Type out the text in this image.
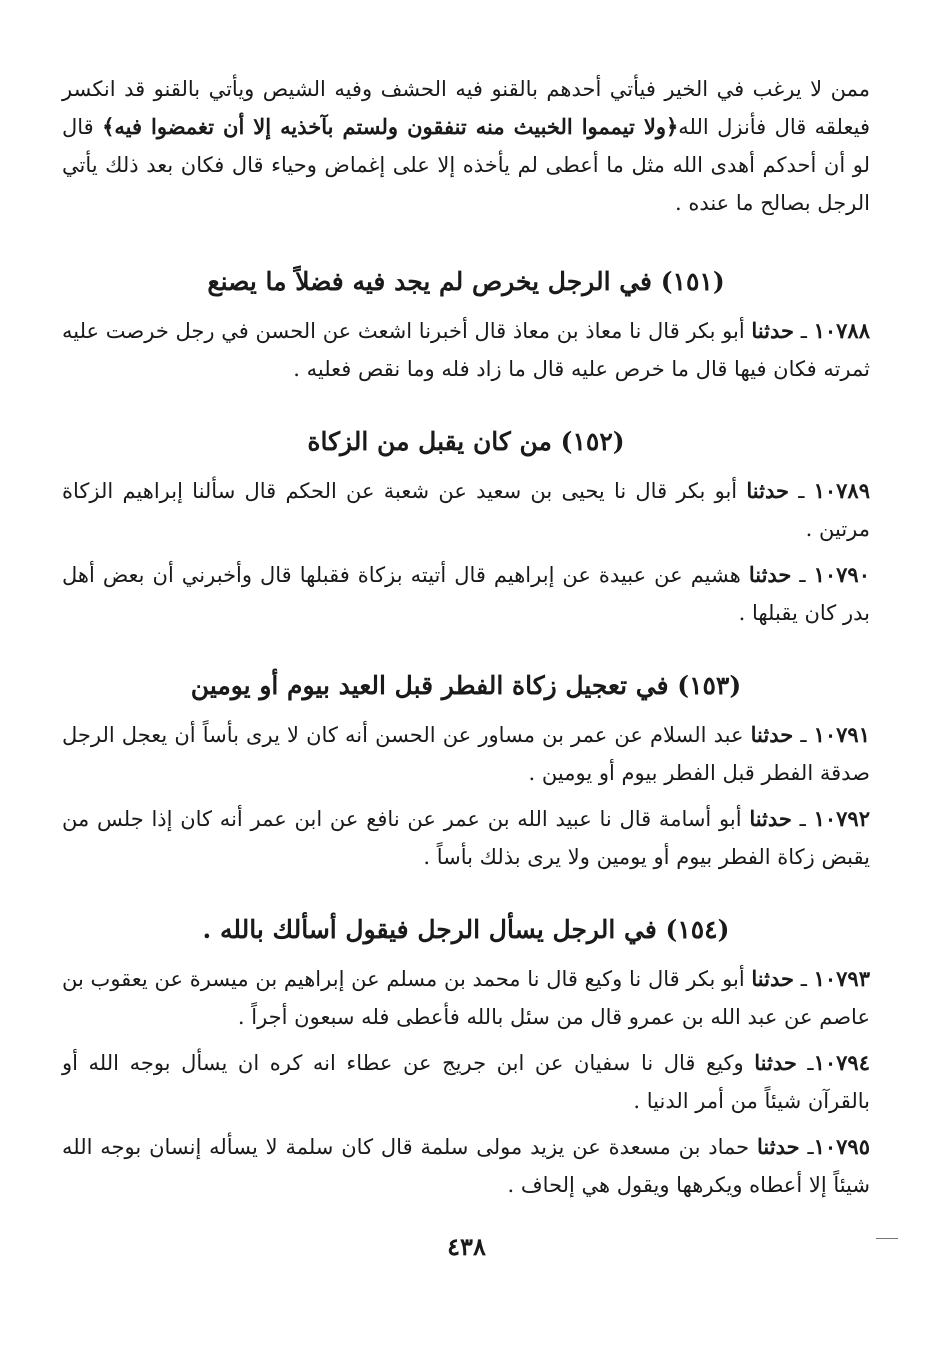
ممن لا يرغب في الخير فيأتي أحدهم بالقنو فيه الحشف وفيه الشيص ويأتي بالقنو قد انكسر فيعلقه قال فأنزل الله﴿ولا تيمموا الخبيث منه تنفقون ولستم بآخذيه إلا أن تغمضوا فيه﴾ قال لو أن أحدكم أهدى الله مثل ما أعطى لم يأخذه إلا على إغماض وحياء قال فكان بعد ذلك يأتي الرجل بصالح ما عنده .

(١٥١) في الرجل يخرص لم يجد فيه فضلاً ما يصنع

١٠٧٨٨ ـ حدثنا أبو بكر قال نا معاذ بن معاذ قال أخبرنا اشعث عن الحسن في رجل خرصت عليه ثمرته فكان فيها قال ما خرص عليه قال ما زاد فله وما نقص فعليه .

(١٥٢) من كان يقبل من الزكاة

١٠٧٨٩ ـ حدثنا أبو بكر قال نا يحيى بن سعيد عن شعبة عن الحكم قال سألنا إبراهيم الزكاة مرتين .

١٠٧٩٠ ـ حدثنا هشيم عن عبيدة عن إبراهيم قال أتيته بزكاة فقبلها قال وأخبرني أن بعض أهل بدر كان يقبلها .

(١٥٣) في تعجيل زكاة الفطر قبل العيد بيوم أو يومين

١٠٧٩١ ـ حدثنا عبد السلام عن عمر بن مساور عن الحسن أنه كان لا يرى بأساً أن يعجل الرجل صدقة الفطر قبل الفطر بيوم أو يومين .

١٠٧٩٢ ـ حدثنا أبو أسامة قال نا عبيد الله بن عمر عن نافع عن ابن عمر أنه كان إذا جلس من يقبض زكاة الفطر بيوم أو يومين ولا يرى بذلك بأساً .

(١٥٤) في الرجل يسأل الرجل فيقول أسألك بالله .

١٠٧٩٣ ـ حدثنا أبو بكر قال نا وكيع قال نا محمد بن مسلم عن إبراهيم بن ميسرة عن يعقوب بن عاصم عن عبد الله بن عمرو قال من سئل بالله فأعطى فله سبعون أجراً .

١٠٧٩٤ـ حدثنا وكيع قال نا سفيان عن ابن جريج عن عطاء انه كره ان يسأل بوجه الله أو بالقرآن شيئاً من أمر الدنيا .

١٠٧٩٥ـ حدثنا حماد بن مسعدة عن يزيد مولى سلمة قال كان سلمة لا يسأله إنسان بوجه الله شيئاً إلا أعطاه ويكرهها ويقول هي إلحاف .

٤٣٨
